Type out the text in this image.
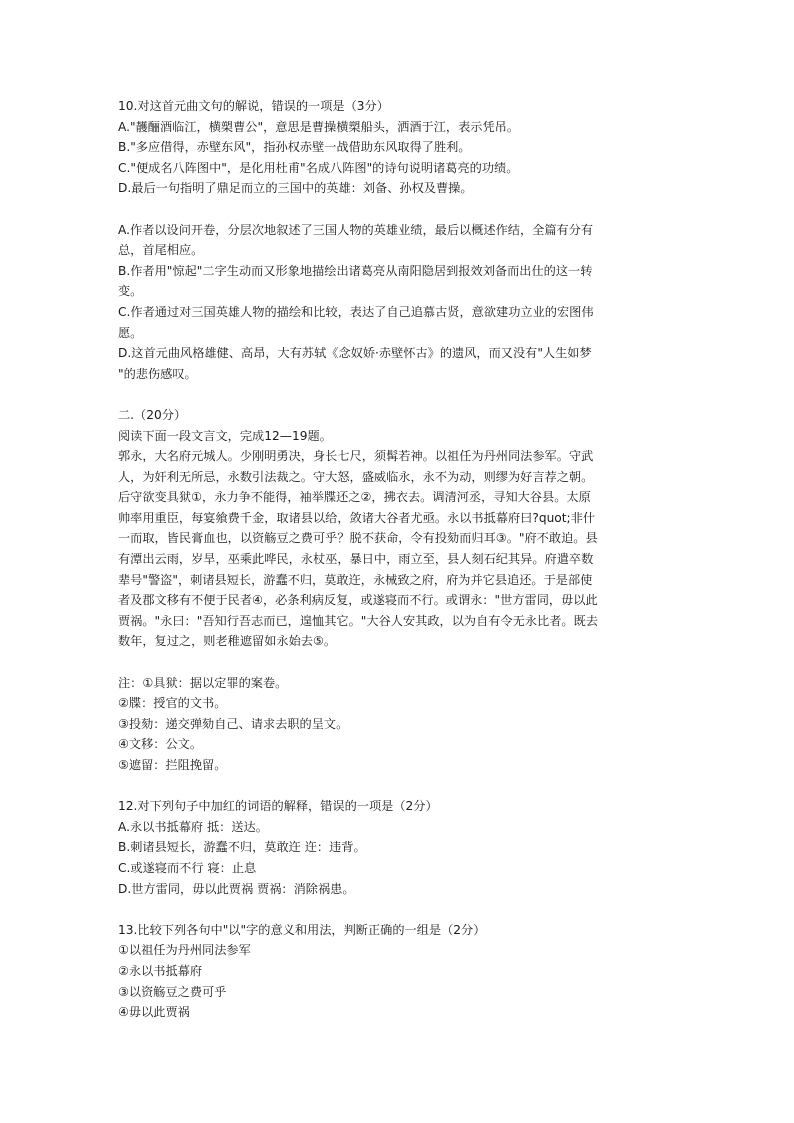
10.对这首元曲文句的解说，错误的一项是（3分）
A."䨼酾酒临江，横槊曹公"，意思是曹操横槊船头，洒酒于江，表示凭吊。
B."多应借得，赤壁东风"，指孙权赤壁一战借助东风取得了胜利。
C."便成名八阵图中"，是化用杜甫"名成八阵图"的诗句说明诸葛亮的功绩。
D.最后一句指明了鼎足而立的三国中的英雄：刘备、孙权及曹操。
A.作者以设问开卷，分层次地叙述了三国人物的英雄业绩，最后以概述作结，全篇有分有
总，首尾相应。
B.作者用"惊起"二字生动而又形象地描绘出诸葛亮从南阳隐居到报效刘备而出仕的这一转
变。
C.作者通过对三国英雄人物的描绘和比较，表达了自己追慕古贤，意欲建功立业的宏图伟
愿。
D.这首元曲风格雄健、高昂，大有苏轼《念奴娇·赤壁怀古》的遗风，而又没有"人生如梦
"的悲伤感叹。
二.（20分）
阅读下面一段文言文，完成12—19题。
郭永，大名府元城人。少刚明勇决，身长七尺，须髯若神。以祖任为丹州同法参军。守武
人，为奸利无所忌，永数引法裁之。守大怒，盛威临永，永不为动，则缪为好言荐之朝。
后守欲变具狱①，永力争不能得，袖举牒还之②，拂衣去。调清河丞，寻知大谷县。太原
帅率用重臣，每宴飨费千金，取诸县以给，敛诸大谷者尤亟。永以书抵幕府曰?quot;非什
一而取，皆民膏血也，以资觞豆之费可乎？脱不获命，令有投劾而归耳③。"府不敢迫。县
有潭出云雨，岁旱，巫乘此哗民，永杖巫，暴日中，雨立至，县人刻石纪其异。府遣卒数
辈号"警盗"，刺诸县短长，游蠢不归，莫敢迕，永械致之府，府为并它县追还。于是部使
者及郡文移有不便于民者④，必条利病反复，或遂寝而不行。或谓永："世方雷同，毋以此
贾祸。"永曰："吾知行吾志而已，遑恤其它。"大谷人安其政，以为自有令无永比者。既去
数年，复过之，则老稚遮留如永始去⑤。
注：①具狱：据以定罪的案卷。
②牒：授官的文书。
③投劾：递交弹劾自己、请求去职的呈文。
④文移：公文。
⑤遮留：拦阻挽留。
12.对下列句子中加红的词语的解释，错误的一项是（2分）
A.永以书抵幕府 抵：送达。
B.刺诸县短长，游蠢不归，莫敢迕 迕：违背。
C.或遂寝而不行 寝：止息
D.世方雷同，毋以此贾祸 贾祸：消除祸患。
13.比较下列各句中"以"字的意义和用法，判断正确的一组是（2分）
①以祖任为丹州同法参军
②永以书抵幕府
③以资觞豆之费可乎
④毋以此贾祸
